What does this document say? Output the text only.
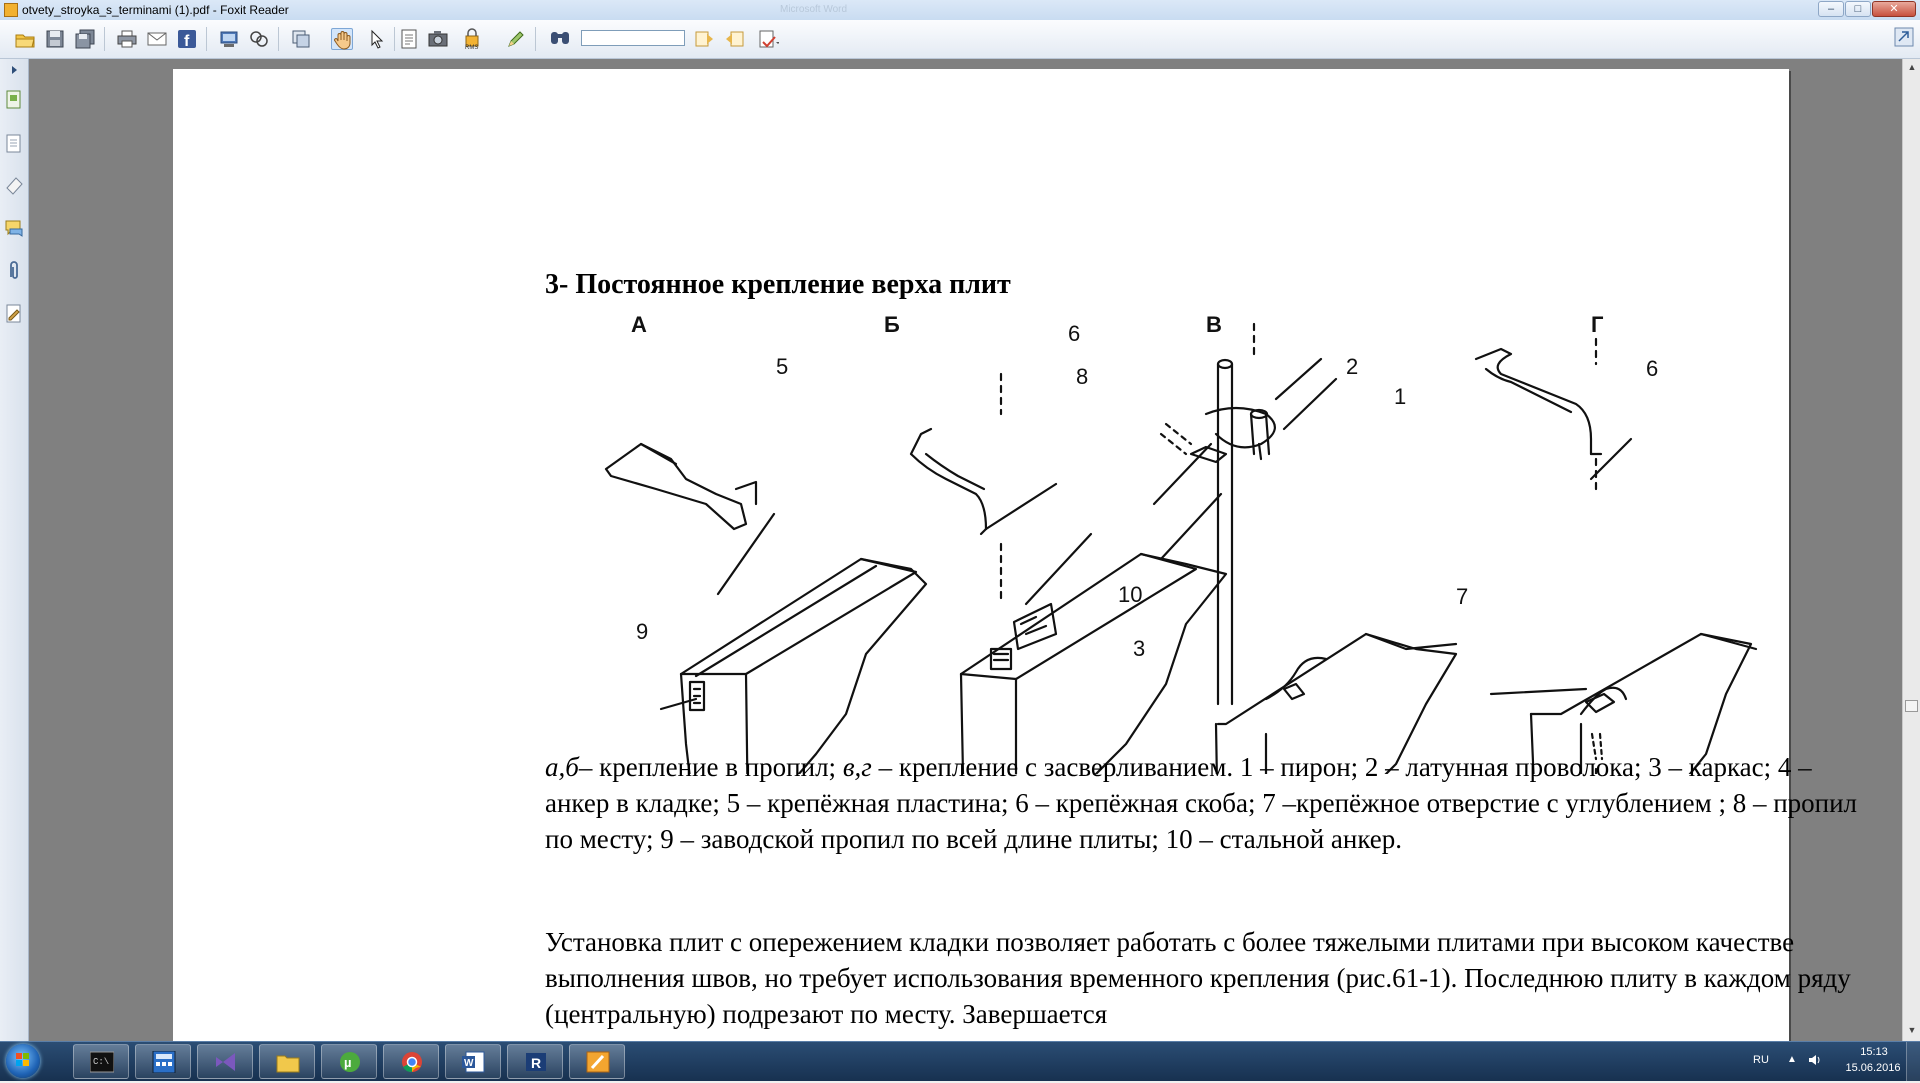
otvety_stroyka_s_terminami (1).pdf - Foxit Reader	Microsoft Word	‒	□	✕
f	RMS
3- Постоянное крепление верха плит
А	Б	В	Г
5
9
6
8	2
1
10
3
6
7
а,б– крепление в пропил; в,г – крепление с засверливанием. 1 – пирон; 2 – латунная проволока; 3 – каркас; 4 – анкер в кладке; 5 – крепёжная пластина; 6 – крепёжная скоба; 7 –крепёжное отверстие с углублением ; 8 – пропил по месту; 9 – заводской пропил по всей длине плиты; 10 – стальной анкер.
Установка плит с опережением кладки позволяет работать с более тяжелыми плитами при высоком качестве выполнения швов, но требует использования временного крепления (рис.61-1). Последнюю плиту в каждом ряду (центральную) подрезают по месту. Завершается
▲
▼
C:\	µ	W	R	RU ▲
15:13
15.06.2016
